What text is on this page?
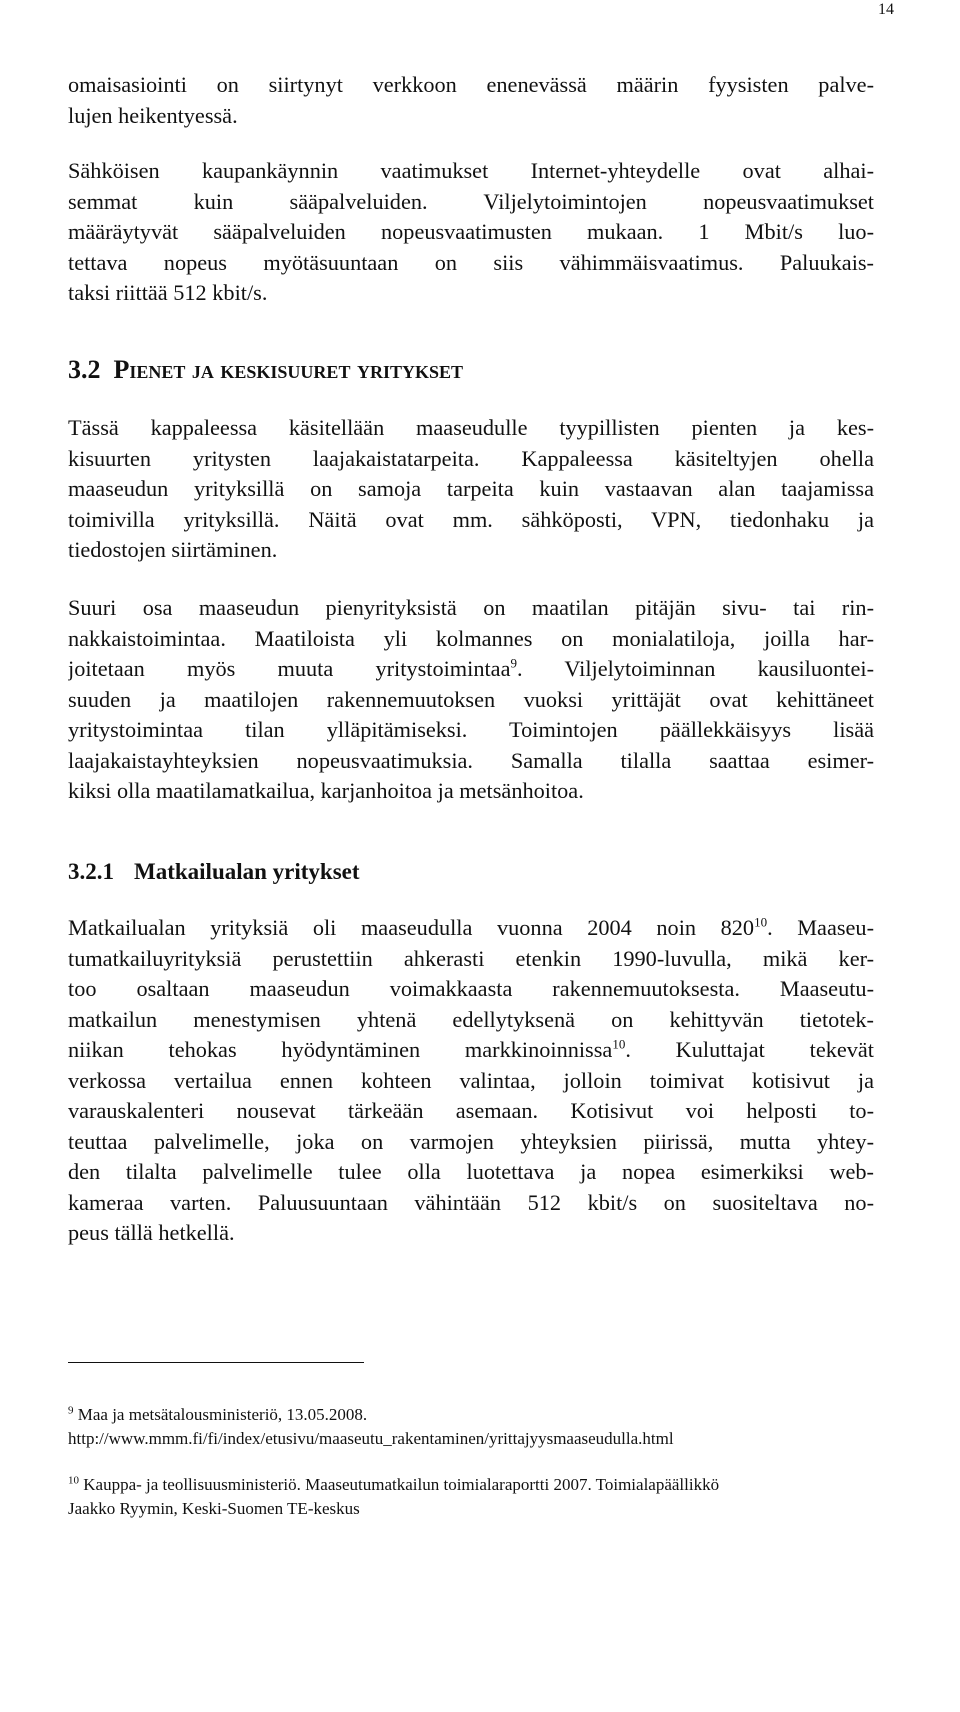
14
omaisasiointi on siirtynyt verkkoon enenevässä määrin fyysisten palve-
lujen heikentyessä.
Sähköisen kaupankäynnin vaatimukset Internet-yhteydelle ovat alhai-
semmat kuin sääpalveluiden. Viljelytoimintojen nopeusvaatimukset
määräytyvät sääpalveluiden nopeusvaatimusten mukaan. 1 Mbit/s luo-
tettava nopeus myötäsuuntaan on siis vähimmäisvaatimus. Paluukais-
taksi riittää 512 kbit/s.
3.2 Pienet ja keskisuuret yritykset
Tässä kappaleessa käsitellään maaseudulle tyypillisten pienten ja kes-
kisuurten yritysten laajakaistatarpeita. Kappaleessa käsiteltyjen ohella
maaseudun yrityksillä on samoja tarpeita kuin vastaavan alan taajamissa
toimivilla yrityksillä. Näitä ovat mm. sähköposti, VPN, tiedonhaku ja
tiedostojen siirtäminen.
Suuri osa maaseudun pienyrityksistä on maatilan pitäjän sivu- tai rin-
nakkaistoimintaa. Maatiloista yli kolmannes on monialatiloja, joilla har-
joitetaan myös muuta yritystoimintaa$^9$. Viljelytoiminnan kausiluontei-
suuden ja maatilojen rakennemuutoksen vuoksi yrittäjät ovat kehittäneet
yritystoimintaa tilan ylläpitämiseksi. Toimintojen päällekkäisyys lisää
laajakaistayhteyksien nopeusvaatimuksia. Samalla tilalla saattaa esimer-
kiksi olla maatilamatkailua, karjanhoitoa ja metsänhoitoa.
3.2.1 Matkailualan yritykset
Matkailualan yrityksiä oli maaseudulla vuonna 2004 noin $820^{10}$. Maaseu-
tumatkailuyrityksiä perustettiin ahkerasti etenkin 1990-luvulla, mikä ker-
too osaltaan maaseudun voimakkaasta rakennemuutoksesta. Maaseutu-
matkailun menestymisen yhtenä edellytyksenä on kehittyvän tietotek-
niikan tehokas hyödyntäminen markkinoinnissa$^{10}$. Kuluttajat tekevät
verkossa vertailua ennen kohteen valintaa, jolloin toimivat kotisivut ja
varauskalenteri nousevat tärkeään asemaan. Kotisivut voi helposti to-
teuttaa palvelimelle, joka on varmojen yhteyksien piirissä, mutta yhtey-
den tilalta palvelimelle tulee olla luotettava ja nopea esimerkiksi web-
kameraa varten. Paluusuuntaan vähintään 512 kbit/s on suositeltava no-
peus tällä hetkellä.
$^9$ Maa ja metsätalousministeriö, 13.05.2008.
http://www.mmm.fi/fi/index/etusivu/maaseutu_rakentaminen/yrittajyysmaaseudulla.html
$^{10}$ Kauppa- ja teollisuusministeriö. Maaseutumatkailun toimialaraportti 2007. Toimialapäällikkö
Jaakko Ryymin, Keski-Suomen TE-keskus
